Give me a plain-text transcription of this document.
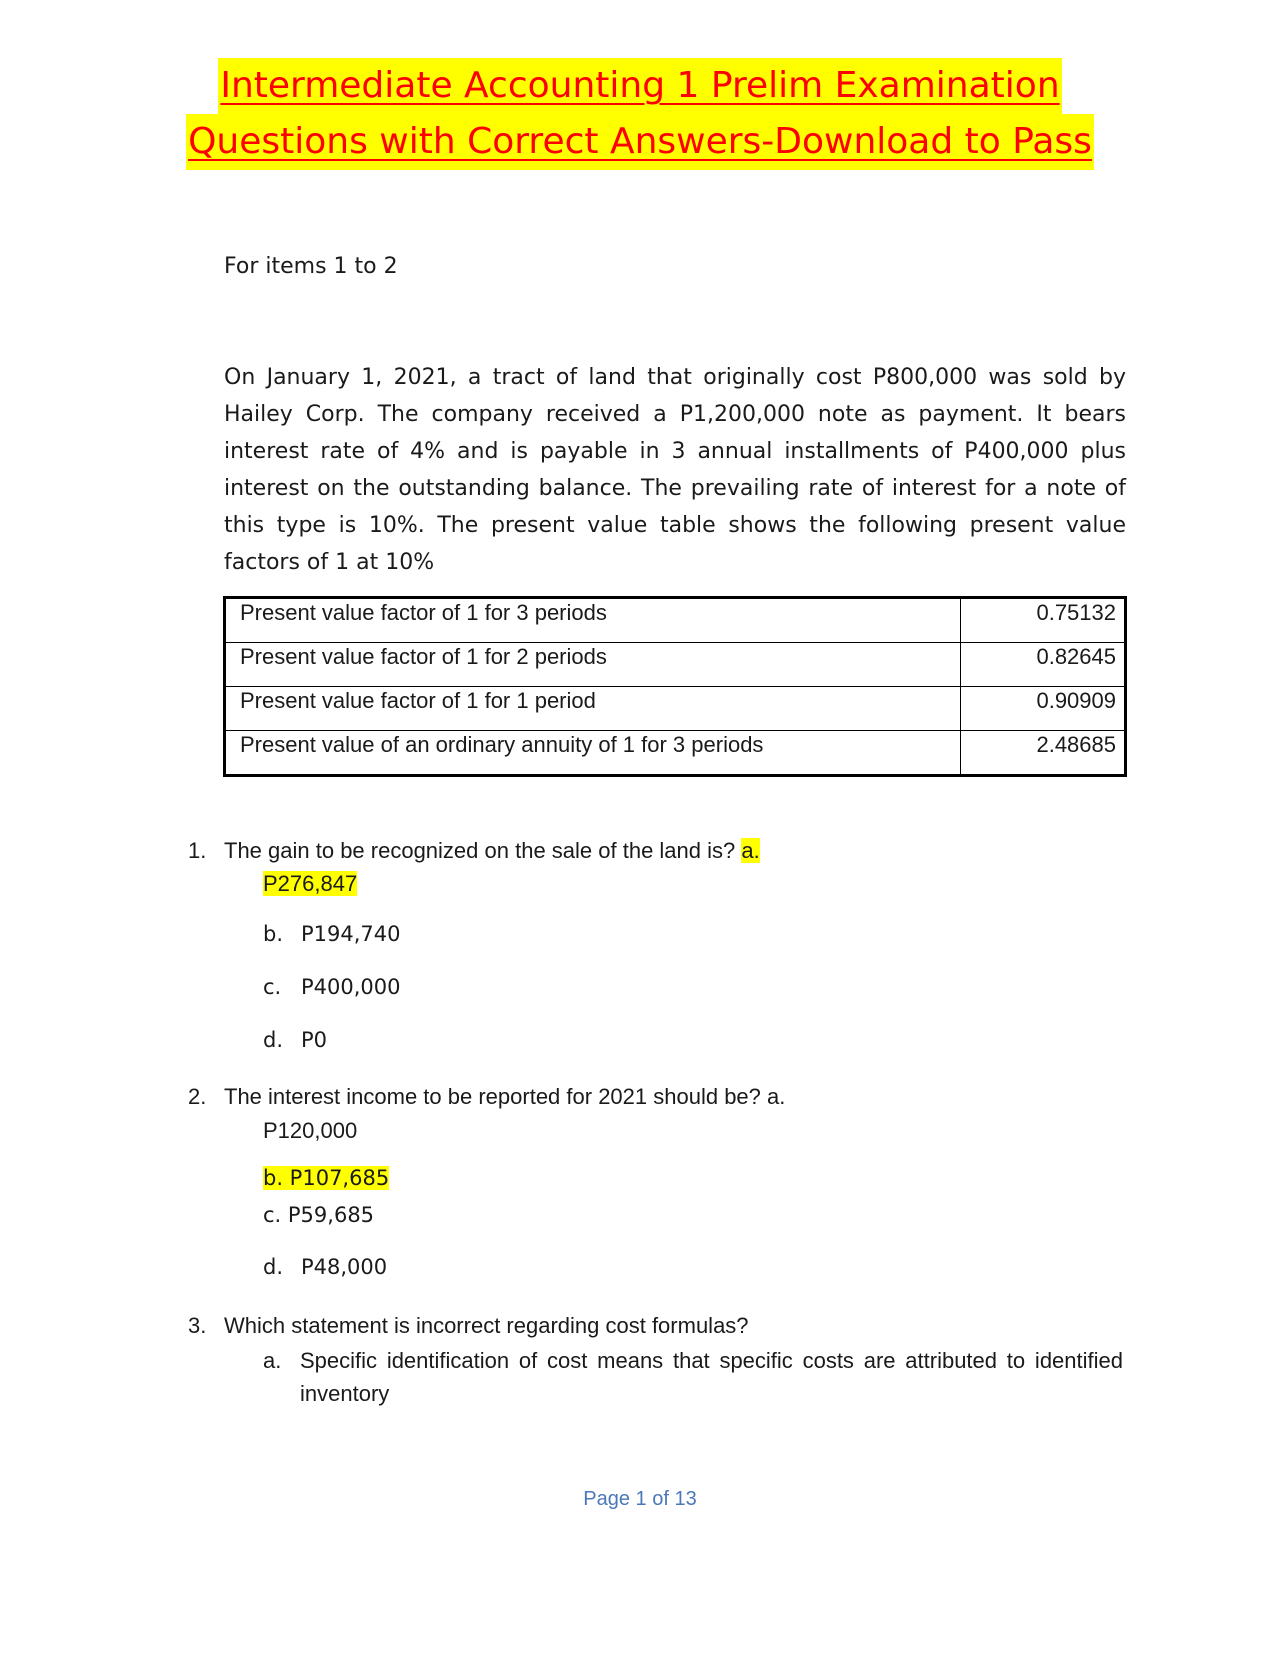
Intermediate Accounting 1 Prelim Examination
Questions with Correct Answers-Download to Pass
For items 1 to 2
On January 1, 2021, a tract of land that originally cost P800,000 was sold by Hailey Corp. The company received a P1,200,000 note as payment. It bears interest rate of 4% and is payable in 3 annual installments of P400,000 plus interest on the outstanding balance. The prevailing rate of interest for a note of this type is 10%. The present value table shows the following present value factors of 1 at 10%
Present value factor of 1 for 3 periods	0.75132
Present value factor of 1 for 2 periods	0.82645
Present value factor of 1 for 1 period	0.90909
Present value of an ordinary annuity of 1 for 3 periods	2.48685
1. The gain to be recognized on the sale of the land is? a.
P276,847
b. P194,740
c. P400,000
d. P0
2. The interest income to be reported for 2021 should be? a.
P120,000
b. P107,685
c. P59,685
d. P48,000
3. Which statement is incorrect regarding cost formulas?
a. Specific identification of cost means that specific costs are attributed to identified inventory
Page 1 of 13
